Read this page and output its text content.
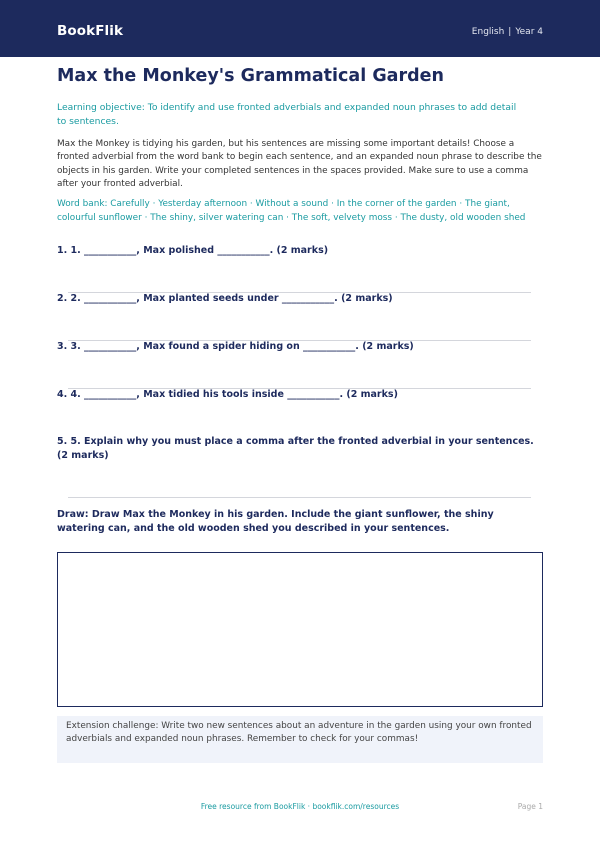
BookFlik	English | Year 4
Max the Monkey's Grammatical Garden
Learning objective: To identify and use fronted adverbials and expanded noun phrases to add detail to sentences.
Max the Monkey is tidying his garden, but his sentences are missing some important details! Choose a fronted adverbial from the word bank to begin each sentence, and an expanded noun phrase to describe the objects in his garden. Write your completed sentences in the spaces provided. Make sure to use a comma after your fronted adverbial.
Word bank: Carefully · Yesterday afternoon · Without a sound · In the corner of the garden · The giant, colourful sunflower · The shiny, silver watering can · The soft, velvety moss · The dusty, old wooden shed
1. 1. ___________, Max polished ___________. (2 marks)
2. 2. ___________, Max planted seeds under ___________. (2 marks)
3. 3. ___________, Max found a spider hiding on ___________. (2 marks)
4. 4. ___________, Max tidied his tools inside ___________. (2 marks)
5. 5. Explain why you must place a comma after the fronted adverbial in your sentences. (2 marks)
Draw: Draw Max the Monkey in his garden. Include the giant sunflower, the shiny watering can, and the old wooden shed you described in your sentences.
Extension challenge: Write two new sentences about an adventure in the garden using your own fronted adverbials and expanded noun phrases. Remember to check for your commas!
Free resource from BookFlik · bookflik.com/resources	Page 1
